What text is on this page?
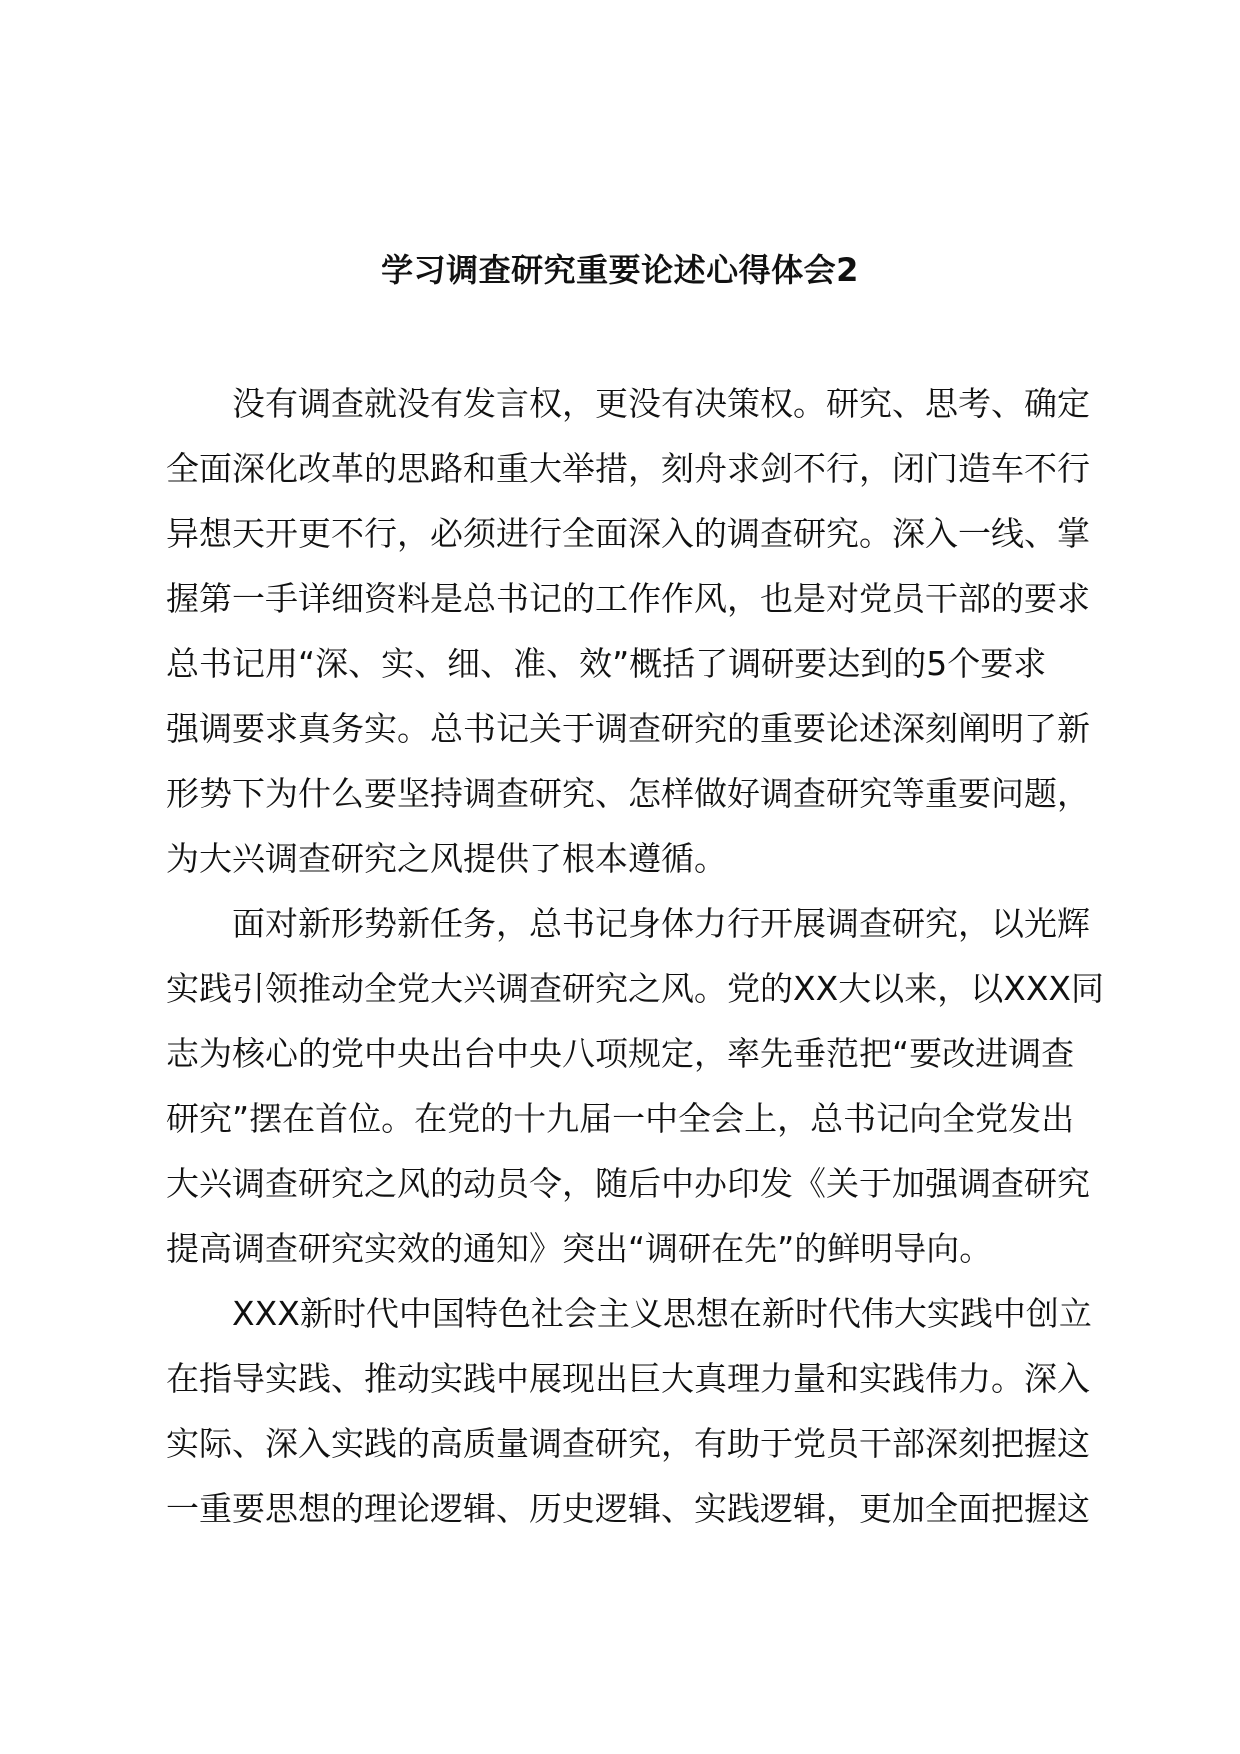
学习调查研究重要论述心得体会2
没有调查就没有发言权，更没有决策权。研究、思考、确定
全面深化改革的思路和重大举措，刻舟求剑不行，闭门造车不行
异想天开更不行，必须进行全面深入的调查研究。深入一线、掌
握第一手详细资料是总书记的工作作风，也是对党员干部的要求
总书记用“深、实、细、准、效”概括了调研要达到的5个要求
强调要求真务实。总书记关于调查研究的重要论述深刻阐明了新
形势下为什么要坚持调查研究、怎样做好调查研究等重要问题，
为大兴调查研究之风提供了根本遵循。
面对新形势新任务，总书记身体力行开展调查研究，以光辉
实践引领推动全党大兴调查研究之风。党的XX大以来，以XXX同
志为核心的党中央出台中央八项规定，率先垂范把“要改进调查
研究”摆在首位。在党的十九届一中全会上，总书记向全党发出
大兴调查研究之风的动员令，随后中办印发《关于加强调查研究
提高调查研究实效的通知》突出“调研在先”的鲜明导向。
XXX新时代中国特色社会主义思想在新时代伟大实践中创立
在指导实践、推动实践中展现出巨大真理力量和实践伟力。深入
实际、深入实践的高质量调查研究，有助于党员干部深刻把握这
一重要思想的理论逻辑、历史逻辑、实践逻辑，更加全面把握这
